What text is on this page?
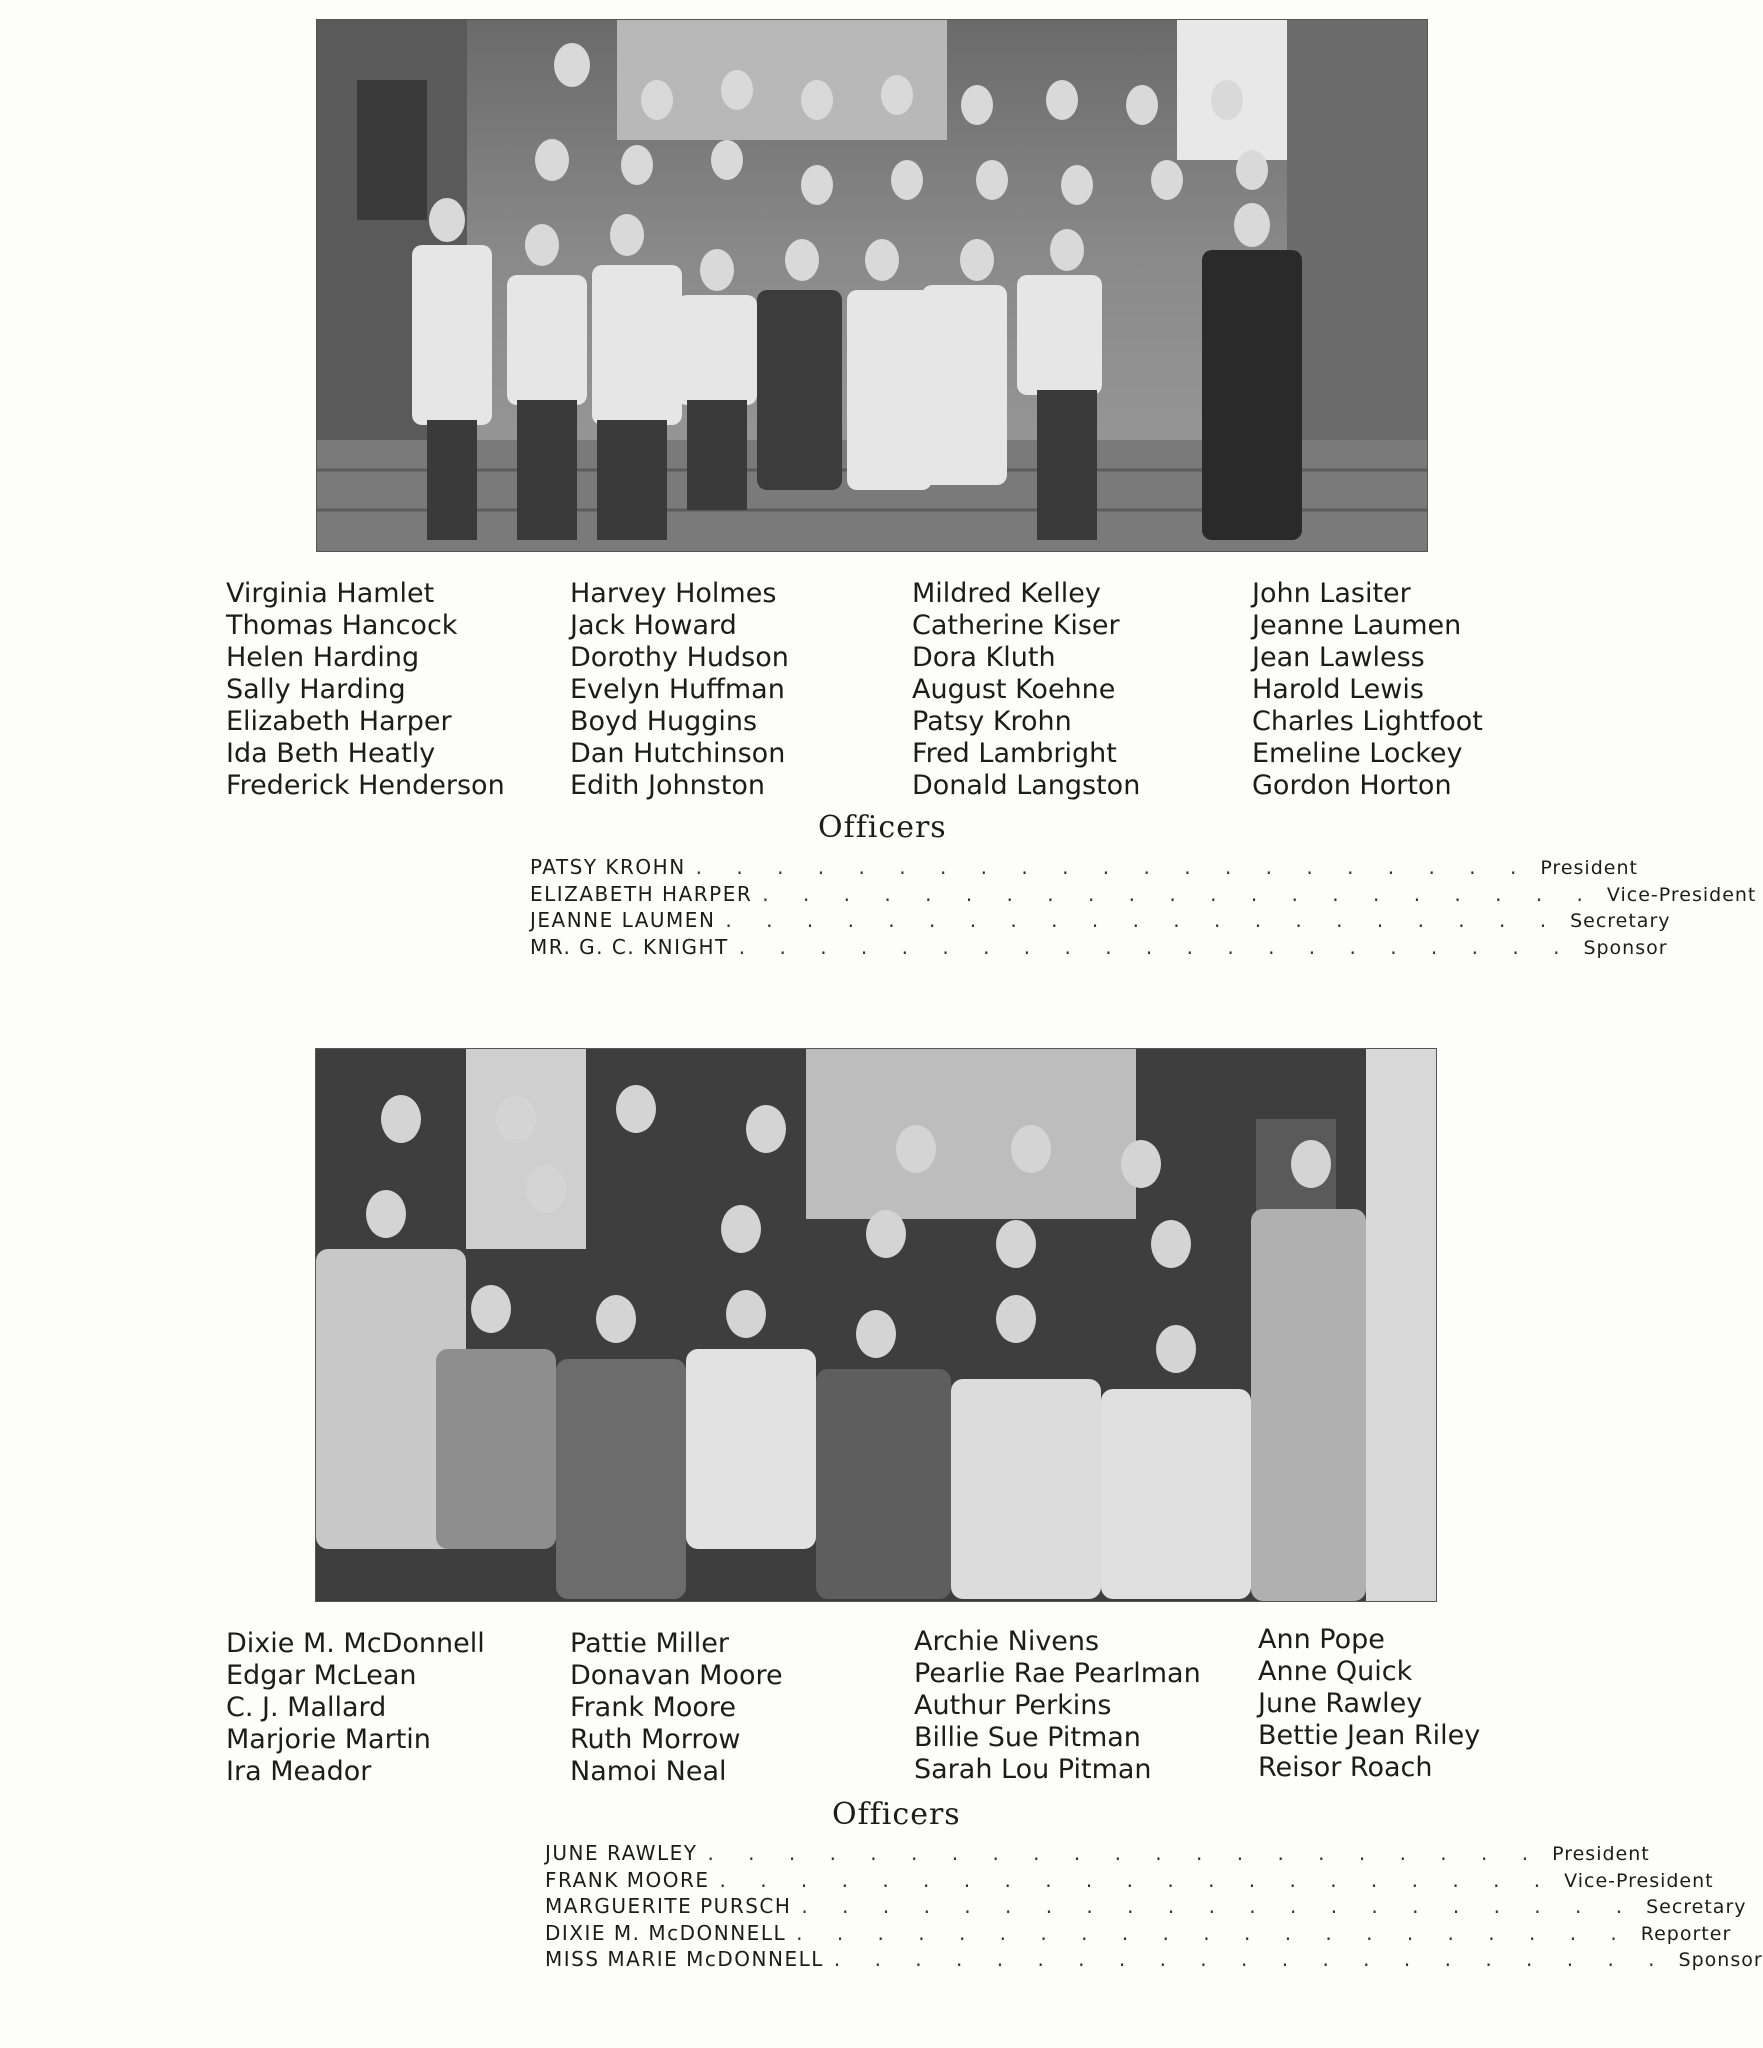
Virginia Hamlet
Thomas Hancock
Helen Harding
Sally Harding
Elizabeth Harper
Ida Beth Heatly
Frederick Henderson
Harvey Holmes
Jack Howard
Dorothy Hudson
Evelyn Huffman
Boyd Huggins
Dan Hutchinson
Edith Johnston
Mildred Kelley
Catherine Kiser
Dora Kluth
August Koehne
Patsy Krohn
Fred Lambright
Donald Langston
John Lasiter
Jeanne Laumen
Jean Lawless
Harold Lewis
Charles Lightfoot
Emeline Lockey
Gordon Horton
Officers
PATSY KROHN . . . . . . . . . . . . . . . . . . . . . President
ELIZABETH HARPER . . . . . . . . . . . . . . . . . . . . . Vice-President
JEANNE LAUMEN . . . . . . . . . . . . . . . . . . . . . Secretary
MR. G. C. KNIGHT . . . . . . . . . . . . . . . . . . . . . Sponsor
Dixie M. McDonnell
Edgar McLean
C. J. Mallard
Marjorie Martin
Ira Meador
Pattie Miller
Donavan Moore
Frank Moore
Ruth Morrow
Namoi Neal
Archie Nivens
Pearlie Rae Pearlman
Authur Perkins
Billie Sue Pitman
Sarah Lou Pitman
Ann Pope
Anne Quick
June Rawley
Bettie Jean Riley
Reisor Roach
Officers
JUNE RAWLEY . . . . . . . . . . . . . . . . . . . . . President
FRANK MOORE . . . . . . . . . . . . . . . . . . . . . Vice-President
MARGUERITE PURSCH . . . . . . . . . . . . . . . . . . . . . Secretary
DIXIE M. McDONNELL . . . . . . . . . . . . . . . . . . . . . Reporter
MISS MARIE McDONNELL . . . . . . . . . . . . . . . . . . . . . Sponsor
